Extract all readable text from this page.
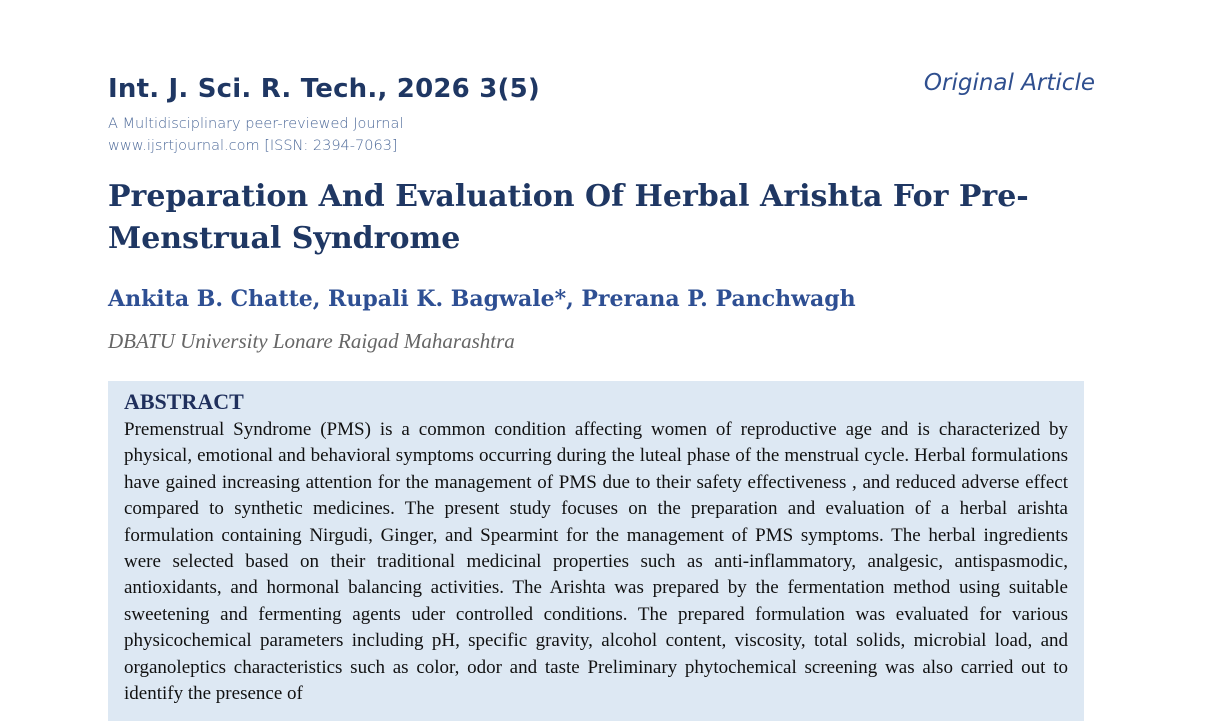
Int. J. Sci. R. Tech., 2026 3(5)	Original Article
A Multidisciplinary peer-reviewed Journal
www.ijsrtjournal.com [ISSN: 2394-7063]
Preparation And Evaluation Of Herbal Arishta For Pre-Menstrual Syndrome
Ankita B. Chatte, Rupali K. Bagwale*, Prerana P. Panchwagh
DBATU University Lonare Raigad Maharashtra
ABSTRACT

Premenstrual Syndrome (PMS) is a common condition affecting women of reproductive age and is characterized by physical, emotional and behavioral symptoms occurring during the luteal phase of the menstrual cycle. Herbal formulations have gained increasing attention for the management of PMS due to their safety effectiveness , and reduced adverse effect compared to synthetic medicines. The present study focuses on the preparation and evaluation of a herbal arishta formulation containing Nirgudi, Ginger, and Spearmint for the management of PMS symptoms. The herbal ingredients were selected based on their traditional medicinal properties such as anti-inflammatory, analgesic, antispasmodic, antioxidants, and hormonal balancing activities. The Arishta was prepared by the fermentation method using suitable sweetening and fermenting agents uder controlled conditions. The prepared formulation was evaluated for various physicochemical parameters including pH, specific gravity, alcohol content, viscosity, total solids, microbial load, and organoleptics characteristics such as color, odor and taste Preliminary phytochemical screening was also carried out to identify the presence of
